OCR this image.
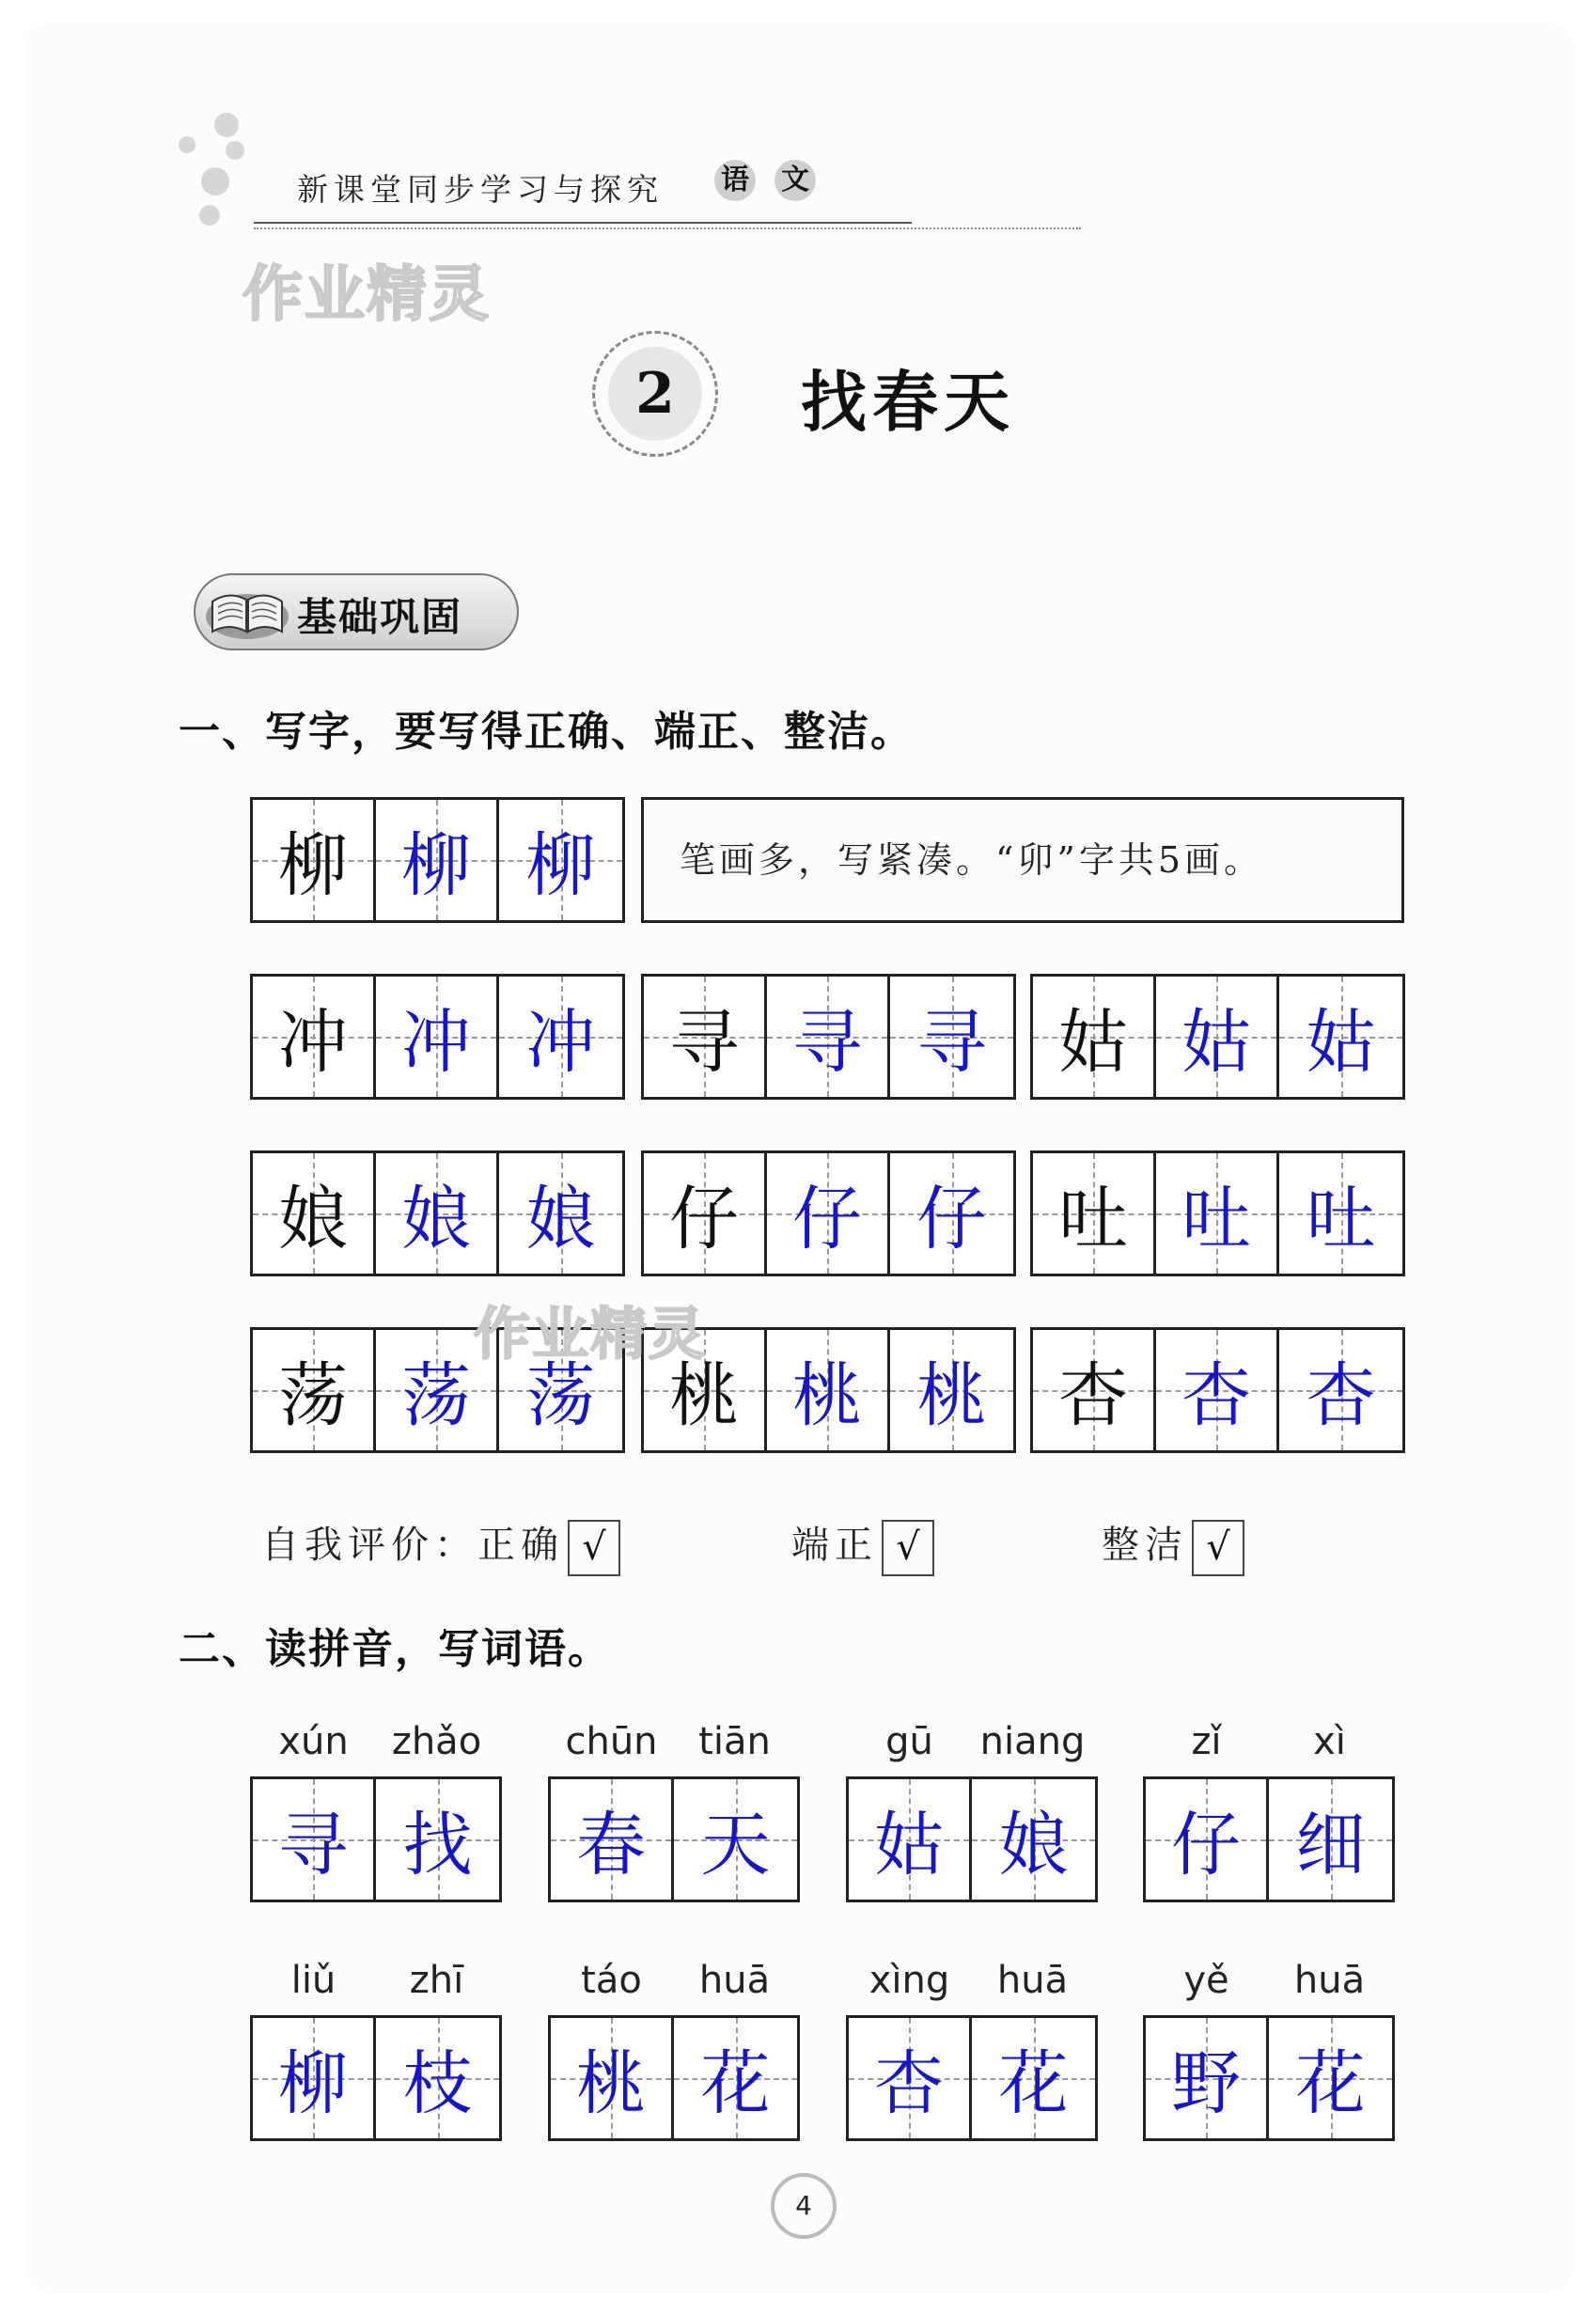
新课堂同步学习与探究 语 文
作业精灵
2	找春天
基础巩固
一、写字，要写得正确、端正、整洁。
柳 柳 柳	笔画多，写紧凑。“卯”字共5画。
冲 冲 冲 寻 寻 寻 姑 姑 姑
娘 娘 娘 仔 仔 仔 吐 吐 吐
荡 荡 荡 桃 桃 桃 杏 杏 杏
作业精灵
自我评价：正确 √	端正 √	整洁 √
二、读拼音，写词语。
xún	zhǎo
寻 找
chūn	tiān
春 天
gū	niang
姑 娘
zǐ	xì
仔 细
liǔ	zhī
柳 枝
táo	huā
桃 花
xìng	huā
杏 花
yě	huā
野 花
4
